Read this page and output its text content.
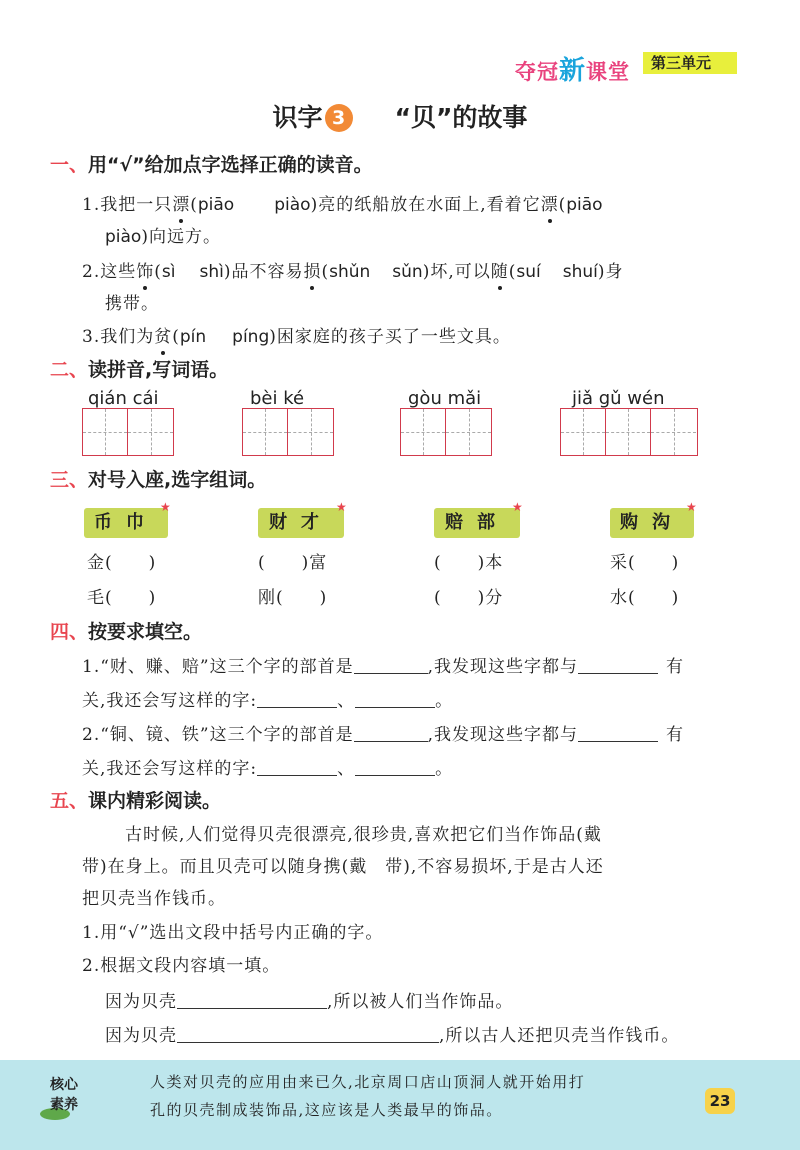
夺冠新课堂	第三单元
识字 3 “贝”的故事
一、用“√”给加点字选择正确的读音。
1.我把一只漂(piāo piào)亮的纸船放在水面上,看着它漂(piāo
piào)向远方。
2.这些饰(sì shì)品不容易损(shǔn sǔn)坏,可以随(suí shuí)身
携带。
3.我们为贫(pín píng)困家庭的孩子买了一些文具。
二、读拼音,写词语。
qián cái	bèi ké	gòu mǎi	jiǎ gǔ wén
三、对号入座,选字组词。
币巾
★
金(　　)
毛(　　)
财才
★
(　　)富
刚(　　)
赔部
★
(　　)本
(　　)分
购沟
★
采(　　)
水(　　)
四、按要求填空。
1.“财、赚、赔”这三个字的部首是	,我发现这些字都与	有
关,我还会写这样的字:	、	。
2.“铜、镜、铁”这三个字的部首是	,我发现这些字都与	有
关,我还会写这样的字:	、	。
五、课内精彩阅读。
古时候,人们觉得贝壳很漂亮,很珍贵,喜欢把它们当作饰品(戴
带)在身上。而且贝壳可以随身携(戴　带),不容易损坏,于是古人还
把贝壳当作钱币。
1.用“√”选出文段中括号内正确的字。
2.根据文段内容填一填。
因为贝壳	,所以被人们当作饰品。
因为贝壳	,所以古人还把贝壳当作钱币。
核心
素养
人类对贝壳的应用由来已久,北京周口店山顶洞人就开始用打
孔的贝壳制成装饰品,这应该是人类最早的饰品。	23
